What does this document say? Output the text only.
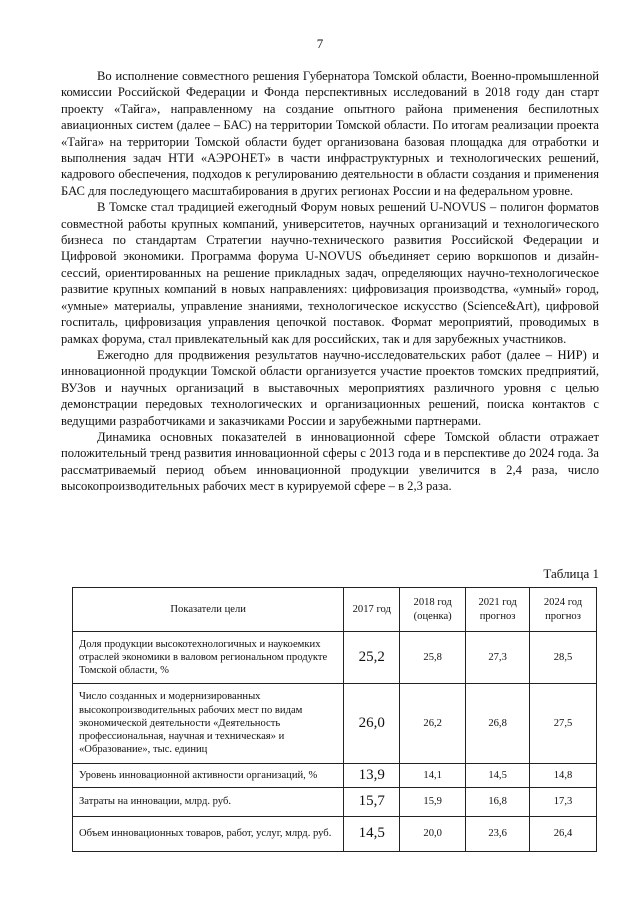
7

Во исполнение совместного решения Губернатора Томской области, Военно-промышленной комиссии Российской Федерации и Фонда перспективных исследований в 2018 году дан старт проекту «Тайга», направленному на создание опытного района применения беспилотных авиационных систем (далее – БАС) на территории Томской области. По итогам реализации проекта «Тайга» на территории Томской области будет организована базовая площадка для отработки и выполнения задач НТИ «АЭРОНЕТ» в части инфраструктурных и технологических решений, кадрового обеспечения, подходов к регулированию деятельности в области создания и применения БАС для последующего масштабирования в других регионах России и на федеральном уровне.

В Томске стал традицией ежегодный Форум новых решений U-NOVUS – полигон форматов совместной работы крупных компаний, университетов, научных организаций и технологического бизнеса по стандартам Стратегии научно-технического развития Российской Федерации и Цифровой экономики. Программа форума U-NOVUS объединяет серию воркшопов и дизайн-сессий, ориентированных на решение прикладных задач, определяющих научно-технологическое развитие крупных компаний в новых направлениях: цифровизация производства, «умный» город, «умные» материалы, управление знаниями, технологическое искусство (Science&Art), цифровой госпиталь, цифровизация управления цепочкой поставок. Формат мероприятий, проводимых в рамках форума, стал привлекательный как для российских, так и для зарубежных участников.

Ежегодно для продвижения результатов научно-исследовательских работ (далее – НИР) и инновационной продукции Томской области организуется участие проектов томских предприятий, ВУЗов и научных организаций в выставочных мероприятиях различного уровня с целью демонстрации передовых технологических и организационных решений, поиска контактов с ведущими разработчиками и заказчиками России и зарубежными партнерами.

Динамика основных показателей в инновационной сфере Томской области отражает положительный тренд развития инновационной сферы с 2013 года и в перспективе до 2024 года. За рассматриваемый период объем инновационной продукции увеличится в 2,4 раза, число высокопроизводительных рабочих мест в курируемой сфере – в 2,3 раза.

Таблица 1
Показатели цели	2017 год	2018 год (оценка)	2021 год прогноз	2024 год прогноз
Доля продукции высокотехнологичных и наукоемких отраслей экономики в валовом региональном продукте Томской области, %	25,2	25,8	27,3	28,5
Число созданных и модернизированных высокопроизводительных рабочих мест по видам экономической деятельности «Деятельность профессиональная, научная и техническая» и «Образование», тыс. единиц	26,0	26,2	26,8	27,5
Уровень инновационной активности организаций, %	13,9	14,1	14,5	14,8
Затраты на инновации, млрд. руб.	15,7	15,9	16,8	17,3
Объем инновационных товаров, работ, услуг, млрд. руб.	14,5	20,0	23,6	26,4
